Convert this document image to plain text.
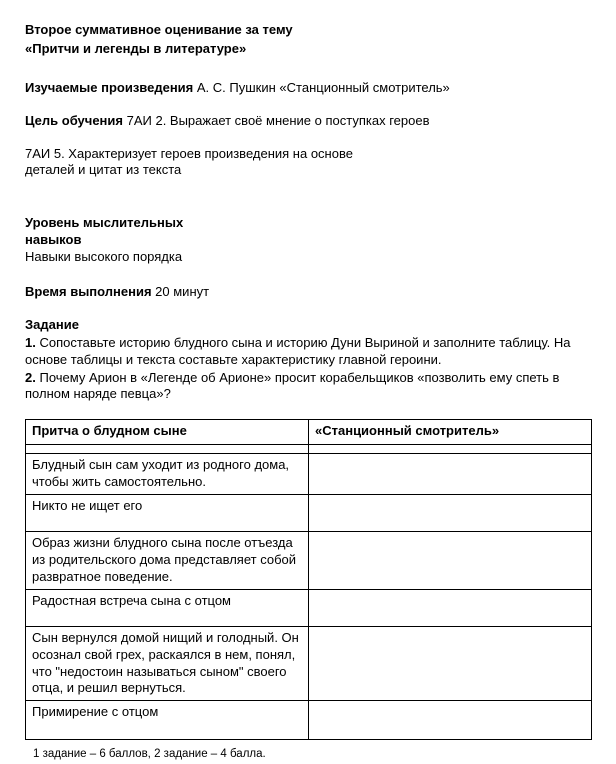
Второе суммативное оценивание за тему
«Притчи и легенды в литературе»
Изучаемые произведения А. С. Пушкин «Станционный смотритель»
Цель обучения 7АИ 2. Выражает своё мнение о поступках героев
7АИ 5. Характеризует героев произведения на основе деталей и цитат из текста
Уровень мыслительных навыков
Навыки высокого порядка
Время выполнения 20 минут
Задание
1. Сопоставьте историю блудного сына и историю Дуни Выриной и заполните таблицу. На основе таблицы и текста составьте характеристику главной героини.
2. Почему Арион в «Легенде об Арионе» просит корабельщиков «позволить ему спеть в полном наряде певца»?
Притча о блудном сыне	«Станционный смотритель»

Блудный сын сам уходит из родного дома, чтобы жить самостоятельно.	
Никто не ищет его	
Образ жизни блудного сына после отъезда из родительского дома представляет собой развратное поведение.	
Радостная встреча сына с отцом	
Сын вернулся домой нищий и голодный. Он осознал свой грех, раскаялся в нем, понял, что "недостоин называться сыном" своего отца, и решил вернуться.	
Примирение с отцом	
1 задание – 6 баллов, 2 задание – 4 балла.
